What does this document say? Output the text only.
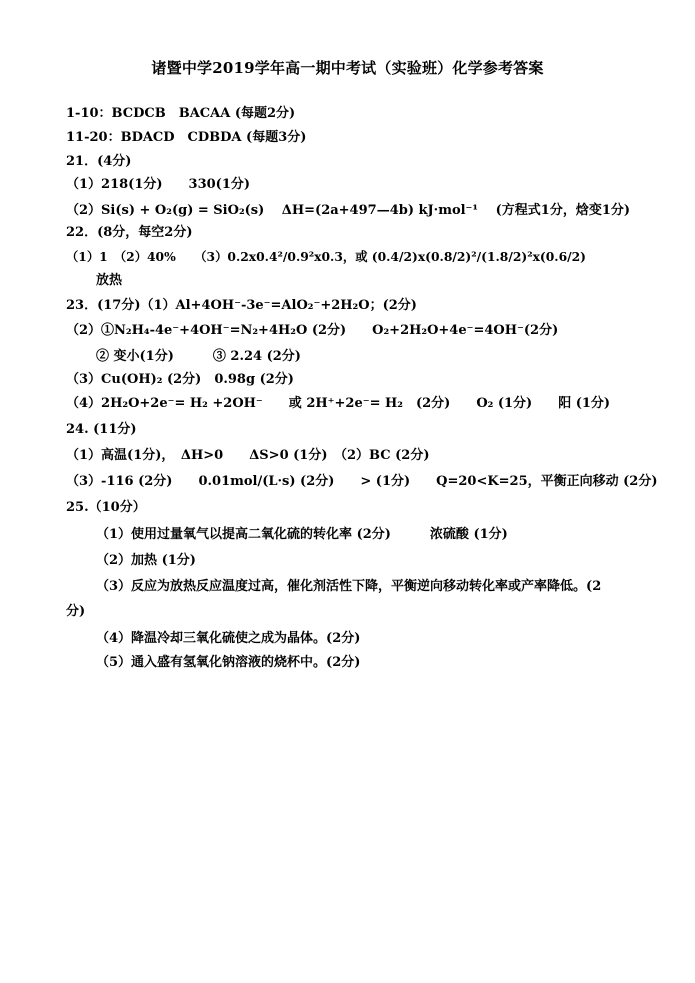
诸暨中学2019学年高一期中考试（实验班）化学参考答案
1-10：BCDCB　BACAA (每题2分)
11-20：BDACD　CDBDA (每题3分)
21．(4分)
（1）218(1分)　　330(1分)
（2）Si(s) + O₂(g) = SiO₂(s)　 ΔH=(2a+497—4b) kJ·mol⁻¹　 (方程式1分，焓变1分)
22．(8分，每空2分)
（1）1　（2）40%　　（3）0.2x0.4²/0.9²x0.3，或 (0.4/2)x(0.8/2)²/(1.8/2)²x(0.6/2)
放热
23．(17分)（1）Al+4OH⁻-3e⁻=AlO₂⁻+2H₂O；(2分)
（2）①N₂H₄-4e⁻+4OH⁻=N₂+4H₂O (2分)　　O₂+2H₂O+4e⁻=4OH⁻(2分)
② 变小(1分)　　　③ 2.24 (2分)
（3）Cu(OH)₂ (2分)　0.98g (2分)
（4）2H₂O+2e⁻= H₂ +2OH⁻　　或 2H⁺+2e⁻= H₂　(2分)　　O₂ (1分)　　阳 (1分)
24. (11分)
（1）高温(1分)，　ΔH>0　　ΔS>0 (1分)　（2）BC (2分)
（3）-116 (2分)　　0.01mol/(L·s) (2分)　　> (1分)　　Q=20<K=25，平衡正向移动 (2分)
25.（10分）
（1）使用过量氧气以提高二氧化硫的转化率 (2分)　　　浓硫酸 (1分)
（2）加热 (1分)
（3）反应为放热反应温度过高，催化剂活性下降，平衡逆向移动转化率或产率降低。(2
分)
（4）降温冷却三氧化硫使之成为晶体。(2分)
（5）通入盛有氢氧化钠溶液的烧杯中。(2分)
